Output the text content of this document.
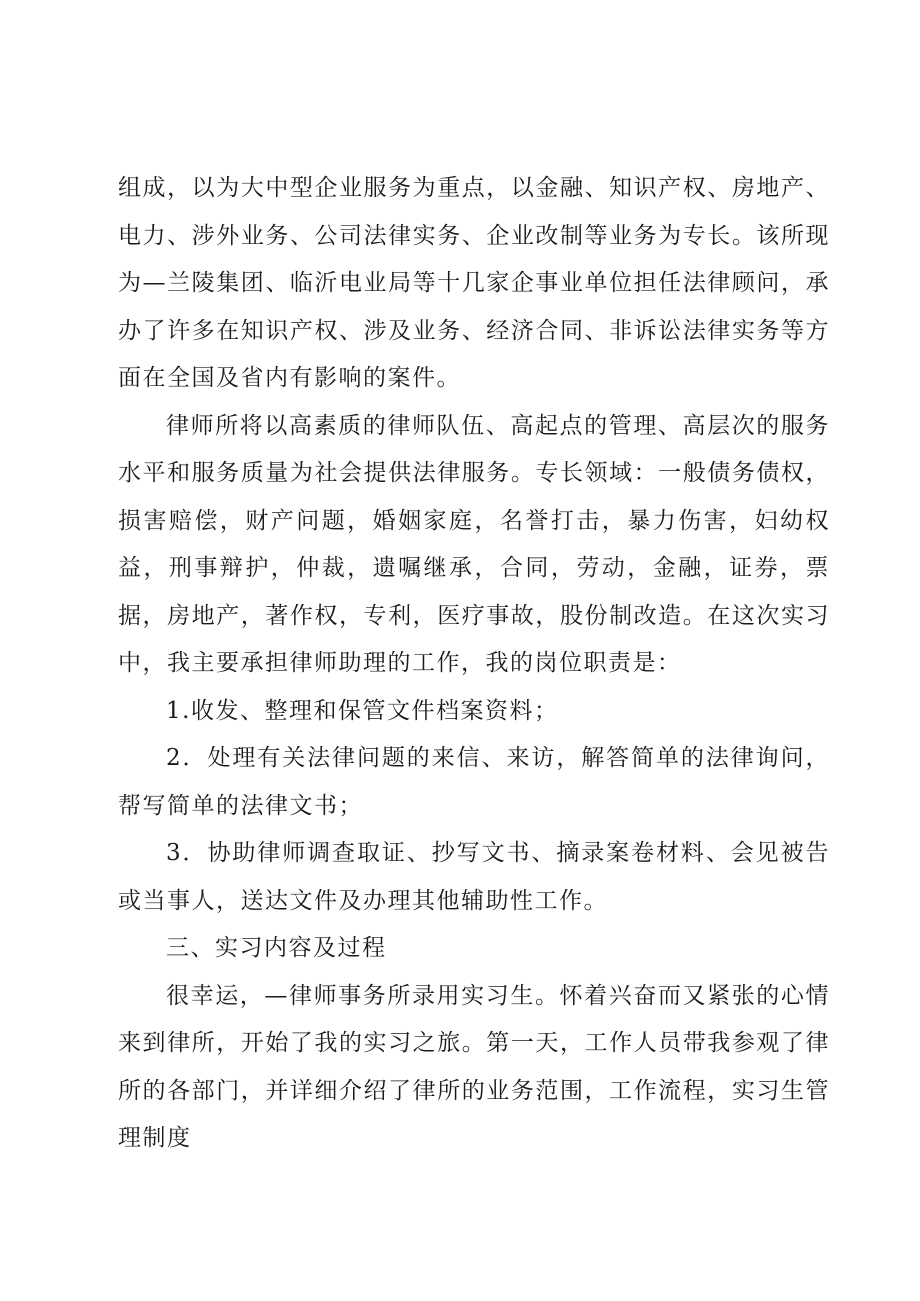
组成，以为大中型企业服务为重点，以金融、知识产权、房地产、电力、涉外业务、公司法律实务、企业改制等业务为专长。该所现为—兰陵集团、临沂电业局等十几家企事业单位担任法律顾问，承办了许多在知识产权、涉及业务、经济合同、非诉讼法律实务等方面在全国及省内有影响的案件。

律师所将以高素质的律师队伍、高起点的管理、高层次的服务水平和服务质量为社会提供法律服务。专长领域：一般债务债权，损害赔偿，财产问题，婚姻家庭，名誉打击，暴力伤害，妇幼权益，刑事辩护，仲裁，遗嘱继承，合同，劳动，金融，证券，票据，房地产，著作权，专利，医疗事故，股份制改造。在这次实习中，我主要承担律师助理的工作，我的岗位职责是：

1.收发、整理和保管文件档案资料；

2．处理有关法律问题的来信、来访，解答简单的法律询问，帮写简单的法律文书；

3．协助律师调查取证、抄写文书、摘录案卷材料、会见被告或当事人，送达文件及办理其他辅助性工作。

三、实习内容及过程

很幸运，—律师事务所录用实习生。怀着兴奋而又紧张的心情来到律所，开始了我的实习之旅。第一天，工作人员带我参观了律所的各部门，并详细介绍了律所的业务范围，工作流程，实习生管理制度
